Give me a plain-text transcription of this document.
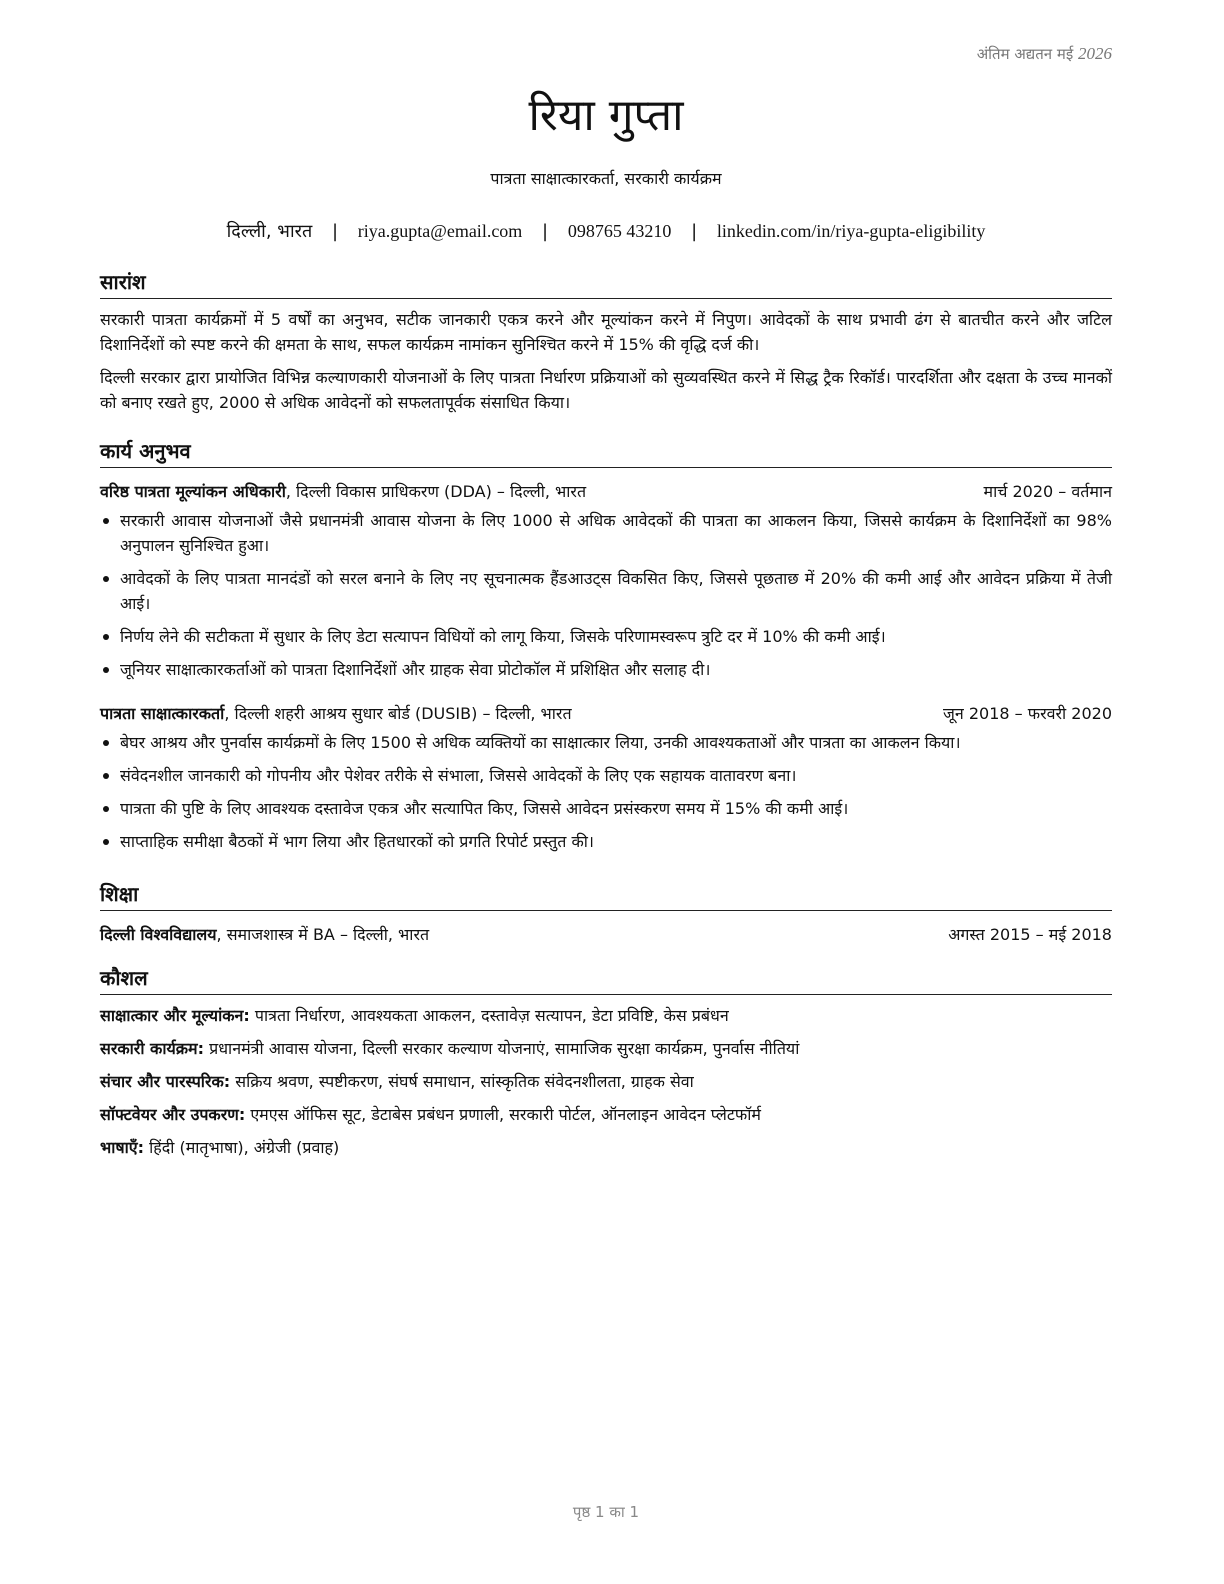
अंतिम अद्यतन मई 2026
रिया गुप्ता
पात्रता साक्षात्कारकर्ता, सरकारी कार्यक्रम
दिल्ली, भारत | riya.gupta@email.com | 098765 43210 | linkedin.com/in/riya-gupta-eligibility
सारांश

सरकारी पात्रता कार्यक्रमों में 5 वर्षों का अनुभव, सटीक जानकारी एकत्र करने और मूल्यांकन करने में निपुण। आवेदकों के साथ प्रभावी ढंग से बातचीत करने और जटिल दिशानिर्देशों को स्पष्ट करने की क्षमता के साथ, सफल कार्यक्रम नामांकन सुनिश्चित करने में 15% की वृद्धि दर्ज की।

दिल्ली सरकार द्वारा प्रायोजित विभिन्न कल्याणकारी योजनाओं के लिए पात्रता निर्धारण प्रक्रियाओं को सुव्यवस्थित करने में सिद्ध ट्रैक रिकॉर्ड। पारदर्शिता और दक्षता के उच्च मानकों को बनाए रखते हुए, 2000 से अधिक आवेदनों को सफलतापूर्वक संसाधित किया।

कार्य अनुभव
वरिष्ठ पात्रता मूल्यांकन अधिकारी, दिल्ली विकास प्राधिकरण (DDA) – दिल्ली, भारत	मार्च 2020 – वर्तमान
सरकारी आवास योजनाओं जैसे प्रधानमंत्री आवास योजना के लिए 1000 से अधिक आवेदकों की पात्रता का आकलन किया, जिससे कार्यक्रम के दिशानिर्देशों का 98% अनुपालन सुनिश्चित हुआ।
आवेदकों के लिए पात्रता मानदंडों को सरल बनाने के लिए नए सूचनात्मक हैंडआउट्स विकसित किए, जिससे पूछताछ में 20% की कमी आई और आवेदन प्रक्रिया में तेजी आई।
निर्णय लेने की सटीकता में सुधार के लिए डेटा सत्यापन विधियों को लागू किया, जिसके परिणामस्वरूप त्रुटि दर में 10% की कमी आई।
जूनियर साक्षात्कारकर्ताओं को पात्रता दिशानिर्देशों और ग्राहक सेवा प्रोटोकॉल में प्रशिक्षित और सलाह दी।
पात्रता साक्षात्कारकर्ता, दिल्ली शहरी आश्रय सुधार बोर्ड (DUSIB) – दिल्ली, भारत	जून 2018 – फरवरी 2020
बेघर आश्रय और पुनर्वास कार्यक्रमों के लिए 1500 से अधिक व्यक्तियों का साक्षात्कार लिया, उनकी आवश्यकताओं और पात्रता का आकलन किया।
संवेदनशील जानकारी को गोपनीय और पेशेवर तरीके से संभाला, जिससे आवेदकों के लिए एक सहायक वातावरण बना।
पात्रता की पुष्टि के लिए आवश्यक दस्तावेज एकत्र और सत्यापित किए, जिससे आवेदन प्रसंस्करण समय में 15% की कमी आई।
साप्ताहिक समीक्षा बैठकों में भाग लिया और हितधारकों को प्रगति रिपोर्ट प्रस्तुत की।
शिक्षा
दिल्ली विश्वविद्यालय, समाजशास्त्र में BA – दिल्ली, भारत	अगस्त 2015 – मई 2018
कौशल
साक्षात्कार और मूल्यांकन: पात्रता निर्धारण, आवश्यकता आकलन, दस्तावेज़ सत्यापन, डेटा प्रविष्टि, केस प्रबंधन
सरकारी कार्यक्रम: प्रधानमंत्री आवास योजना, दिल्ली सरकार कल्याण योजनाएं, सामाजिक सुरक्षा कार्यक्रम, पुनर्वास नीतियां
संचार और पारस्परिक: सक्रिय श्रवण, स्पष्टीकरण, संघर्ष समाधान, सांस्कृतिक संवेदनशीलता, ग्राहक सेवा
सॉफ्टवेयर और उपकरण: एमएस ऑफिस सूट, डेटाबेस प्रबंधन प्रणाली, सरकारी पोर्टल, ऑनलाइन आवेदन प्लेटफॉर्म
भाषाएँ: हिंदी (मातृभाषा), अंग्रेजी (प्रवाह)
पृष्ठ 1 का 1
